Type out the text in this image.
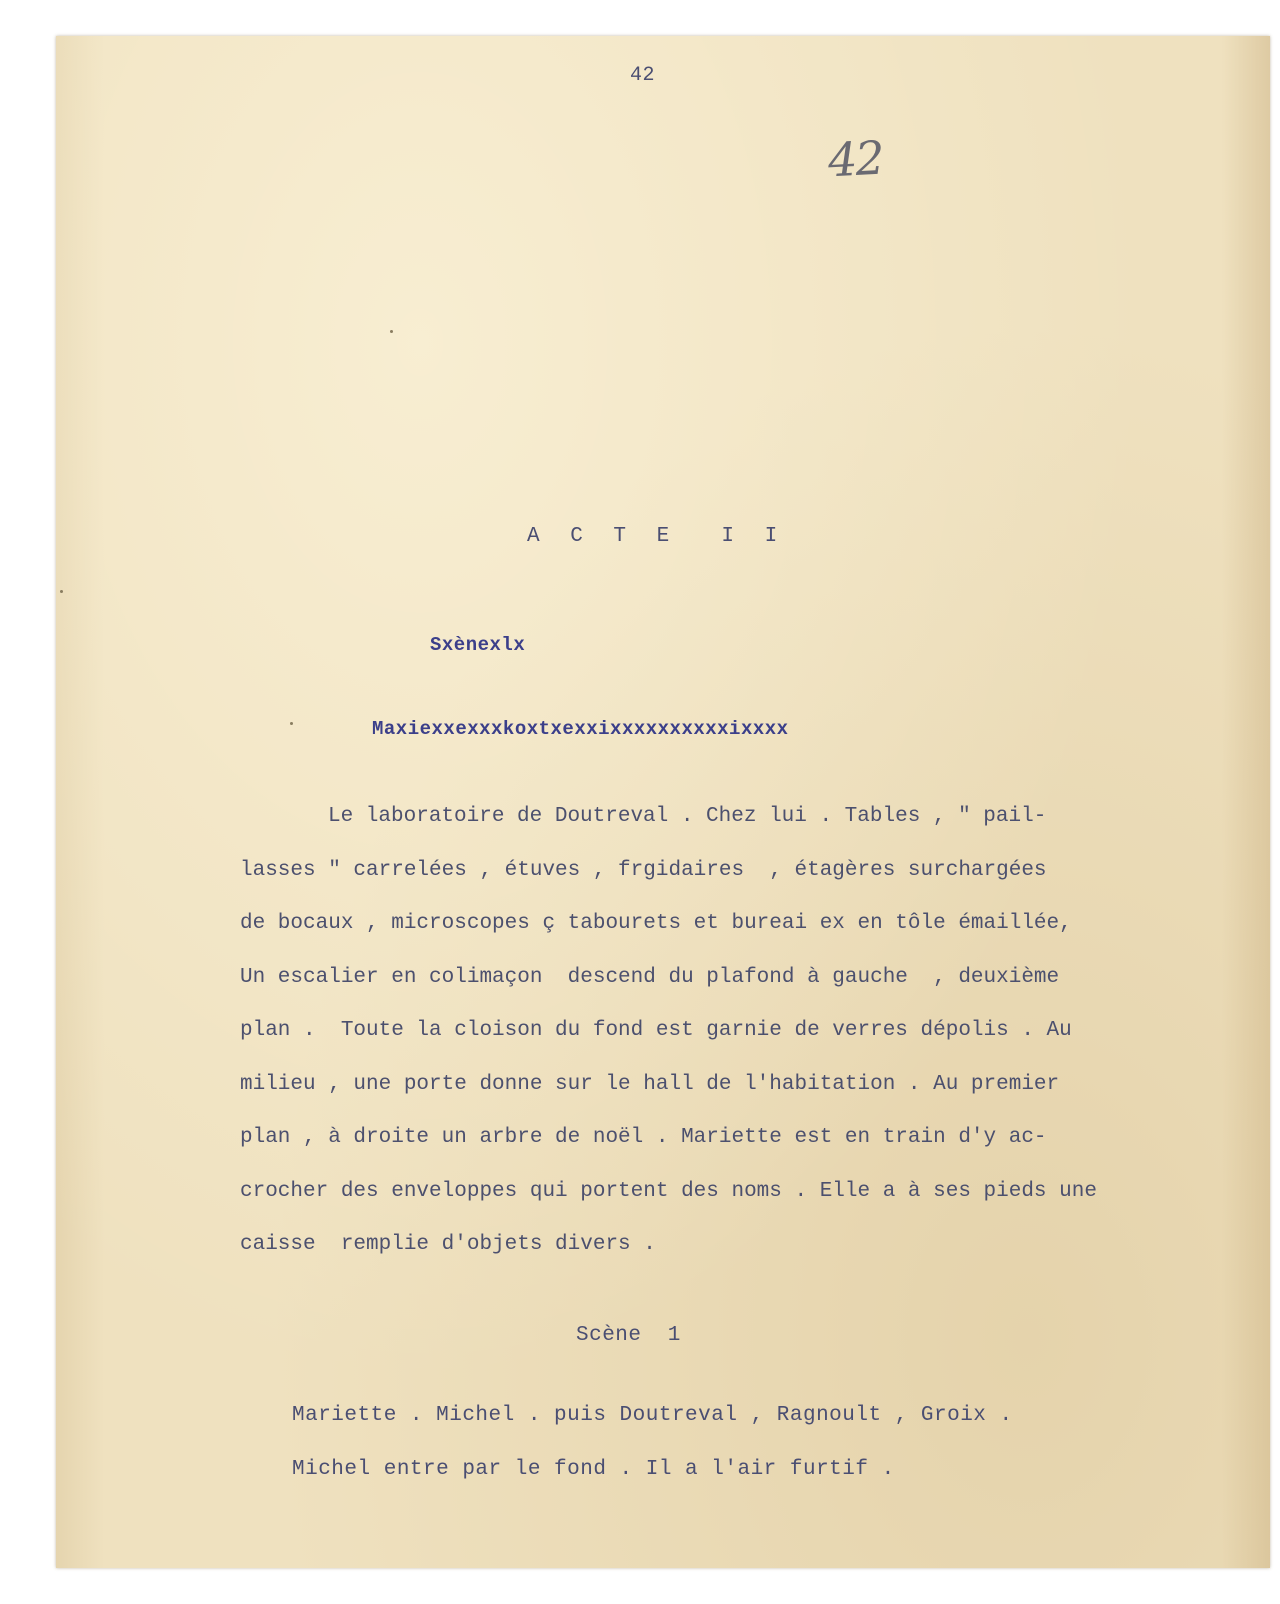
42
42
A C T E  I I
Sxènexlx
Maxiexxexxxkoxtxexxixxxxxxxxxxixxxx
Le laboratoire de Doutreval . Chez lui . Tables , " pail-
lasses " carrelées , étuves , frgidaires  , étagères surchargées
de bocaux , microscopes ç tabourets et bureai ex en tôle émaillée,
Un escalier en colimaçon  descend du plafond à gauche  , deuxième
plan .  Toute la cloison du fond est garnie de verres dépolis . Au
milieu , une porte donne sur le hall de l'habitation . Au premier
plan , à droite un arbre de noël . Mariette est en train d'y ac-
crocher des enveloppes qui portent des noms . Elle a à ses pieds une
caisse  remplie d'objets divers .
Scène  1
Mariette . Michel . puis Doutreval , Ragnoult , Groix .
Michel entre par le fond . Il a l'air furtif .
